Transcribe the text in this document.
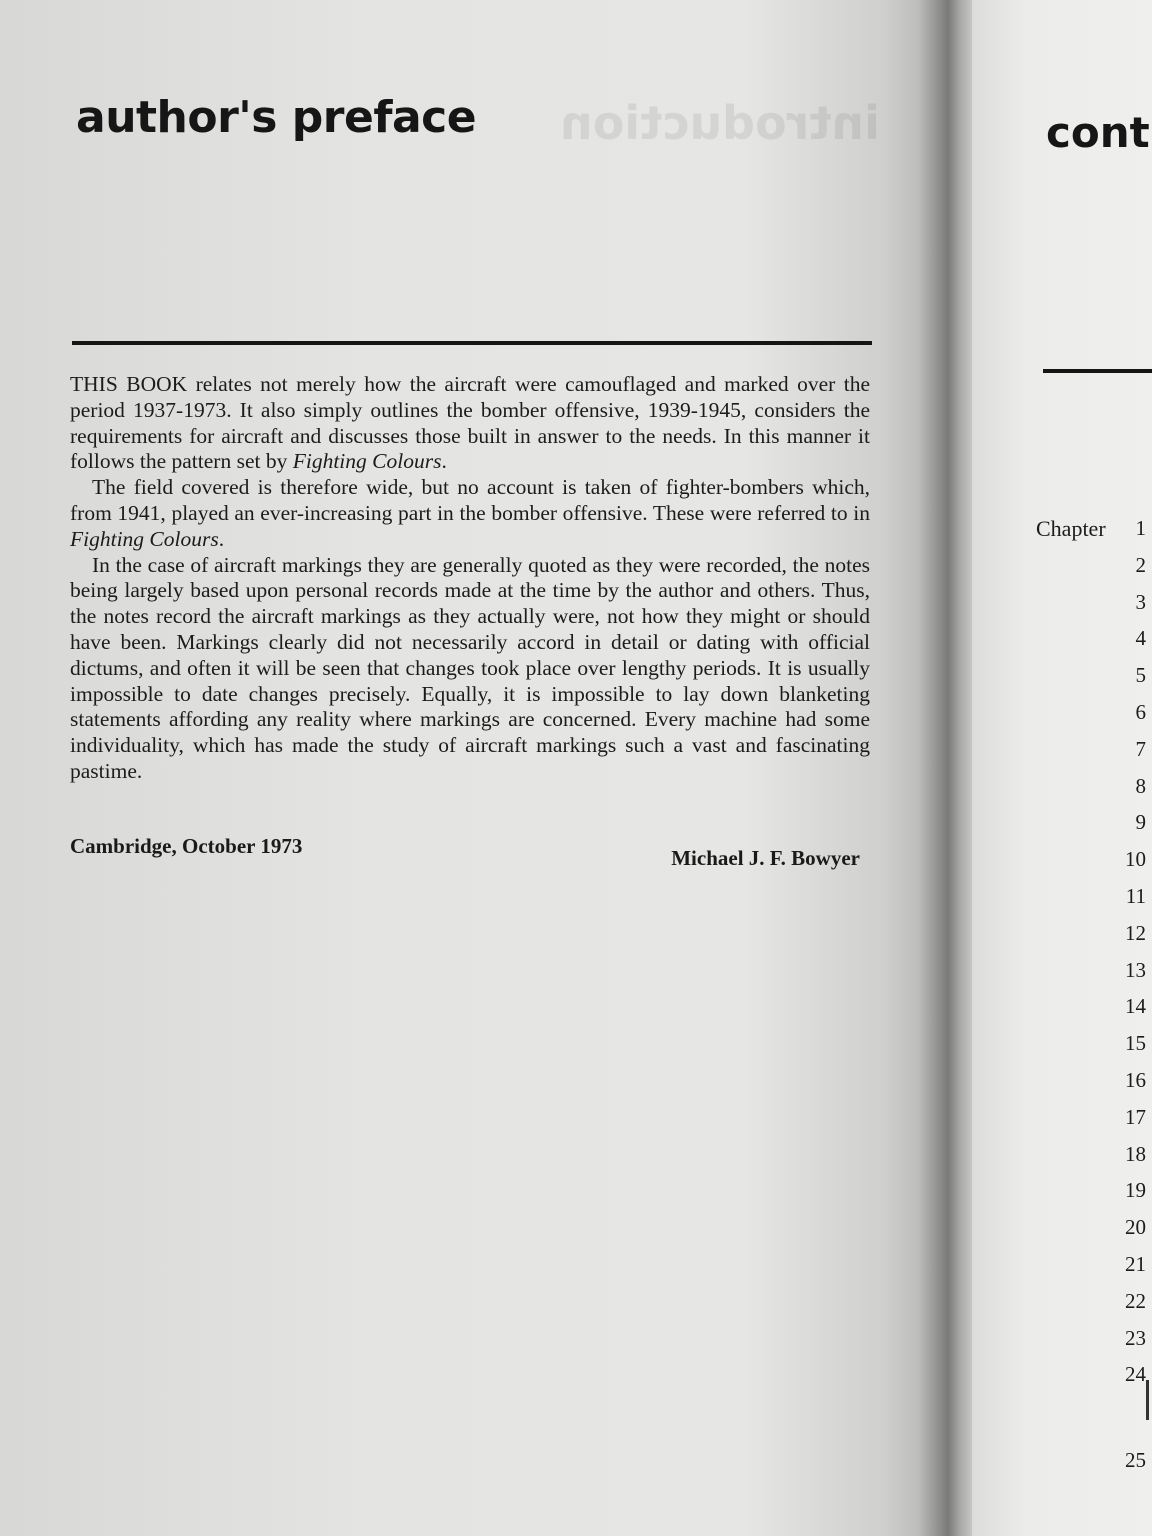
introduction
author's preface

THIS BOOK relates not merely how the aircraft were camouflaged and marked over the period 1937-1973. It also simply outlines the bomber offensive, 1939-1945, considers the requirements for aircraft and discusses those built in answer to the needs. In this manner it follows the pattern set by Fighting Colours.

The field covered is therefore wide, but no account is taken of fighter-bombers which, from 1941, played an ever-increasing part in the bomber offensive. These were referred to in Fighting Colours.

In the case of aircraft markings they are generally quoted as they were recorded, the notes being largely based upon personal records made at the time by the author and others. Thus, the notes record the aircraft markings as they actually were, not how they might or should have been. Markings clearly did not necessarily accord in detail or dating with official dictums, and often it will be seen that changes took place over lengthy periods. It is usually impossible to date changes precisely. Equally, it is impossible to lay down blanketing statements affording any reality where markings are concerned. Every machine had some individuality, which has made the study of aircraft markings such a vast and fascinating pastime.

Cambridge, October 1973	Michael J. F. Bowyer
cont
Chapter	1
2
3
4
5
6
7
8
9
10
11
12
13
14
15
16
17
18
19
20
21
22
23
24
25
